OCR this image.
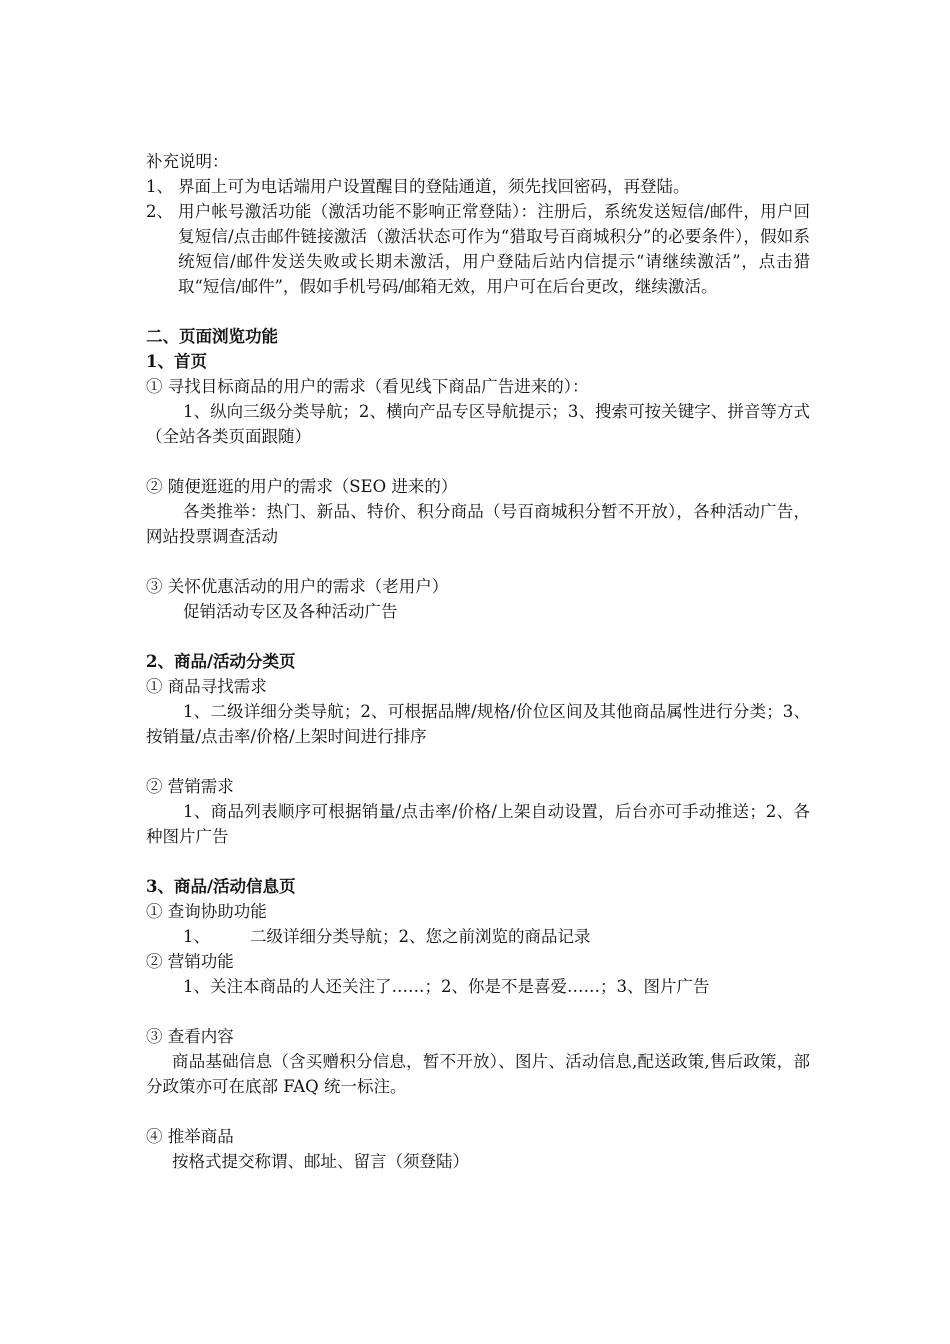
补充说明：

1、 界面上可为电话端用户设置醒目的登陆通道，须先找回密码，再登陆。
2、 用户帐号激活功能（激活功能不影响正常登陆）：注册后，系统发送短信/邮件，用户回复短信/点击邮件链接激活（激活状态可作为“猎取号百商城积分”的必要条件），假如系统短信/邮件发送失败或长期未激活，用户登陆后站内信提示“请继续激活”，点击猎取“短信/邮件”，假如手机号码/邮箱无效，用户可在后台更改，继续激活。

二、页面浏览功能

1、首页

① 寻找目标商品的用户的需求（看见线下商品广告进来的）：

1、纵向三级分类导航；2、横向产品专区导航提示；3、搜索可按关键字、拼音等方式（全站各类页面跟随）

② 随便逛逛的用户的需求（SEO 进来的）

各类推举：热门、新品、特价、积分商品（号百商城积分暂不开放），各种活动广告，网站投票调查活动

③ 关怀优惠活动的用户的需求（老用户）

促销活动专区及各种活动广告

2、商品/活动分类页

① 商品寻找需求

1、二级详细分类导航；2、可根据品牌/规格/价位区间及其他商品属性进行分类；3、按销量/点击率/价格/上架时间进行排序

② 营销需求

1、商品列表顺序可根据销量/点击率/价格/上架自动设置，后台亦可手动推送；2、各种图片广告

3、商品/活动信息页

① 查询协助功能

1、 二级详细分类导航；2、您之前浏览的商品记录

② 营销功能

1、关注本商品的人还关注了……；2、你是不是喜爱……；3、图片广告

③ 查看内容

商品基础信息（含买赠积分信息，暂不开放）、图片、活动信息,配送政策,售后政策，部分政策亦可在底部 FAQ 统一标注。

④ 推举商品

按格式提交称谓、邮址、留言（须登陆）
